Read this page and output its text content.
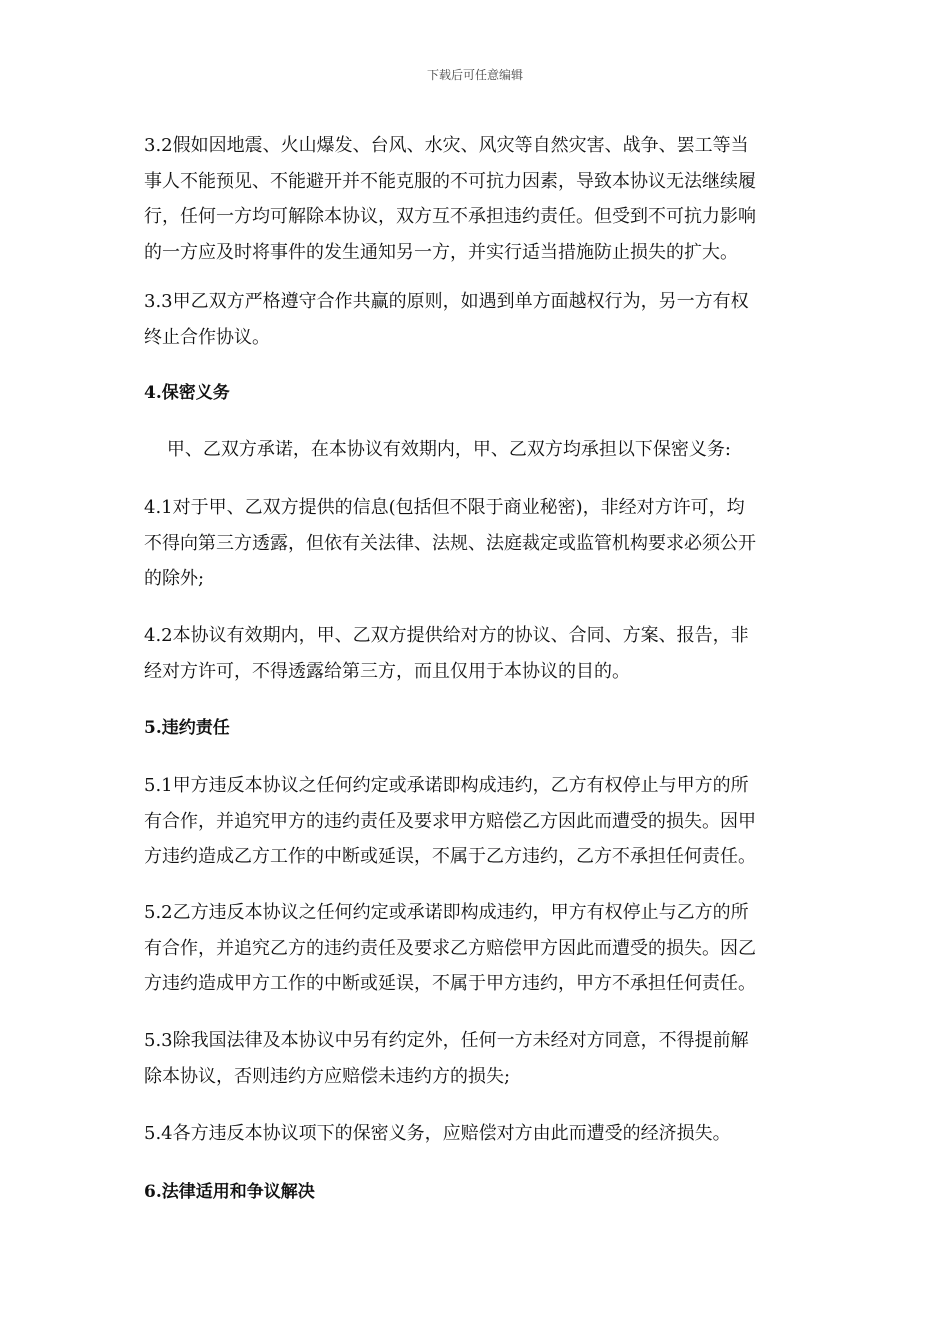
下载后可任意编辑
3.2假如因地震、火山爆发、台风、水灾、风灾等自然灾害、战争、罢工等当
事人不能预见、不能避开并不能克服的不可抗力因素，导致本协议无法继续履
行，任何一方均可解除本协议，双方互不承担违约责任。但受到不可抗力影响
的一方应及时将事件的发生通知另一方，并实行适当措施防止损失的扩大。
3.3甲乙双方严格遵守合作共赢的原则，如遇到单方面越权行为，另一方有权
终止合作协议。
4.保密义务
甲、乙双方承诺，在本协议有效期内，甲、乙双方均承担以下保密义务:
4.1对于甲、乙双方提供的信息(包括但不限于商业秘密)，非经对方许可，均
不得向第三方透露，但依有关法律、法规、法庭裁定或监管机构要求必须公开
的除外;
4.2本协议有效期内，甲、乙双方提供给对方的协议、合同、方案、报告，非
经对方许可，不得透露给第三方，而且仅用于本协议的目的。
5.违约责任
5.1甲方违反本协议之任何约定或承诺即构成违约，乙方有权停止与甲方的所
有合作，并追究甲方的违约责任及要求甲方赔偿乙方因此而遭受的损失。因甲
方违约造成乙方工作的中断或延误，不属于乙方违约，乙方不承担任何责任。
5.2乙方违反本协议之任何约定或承诺即构成违约，甲方有权停止与乙方的所
有合作，并追究乙方的违约责任及要求乙方赔偿甲方因此而遭受的损失。因乙
方违约造成甲方工作的中断或延误，不属于甲方违约，甲方不承担任何责任。
5.3除我国法律及本协议中另有约定外，任何一方未经对方同意，不得提前解
除本协议，否则违约方应赔偿未违约方的损失;
5.4各方违反本协议项下的保密义务，应赔偿对方由此而遭受的经济损失。
6.法律适用和争议解决
